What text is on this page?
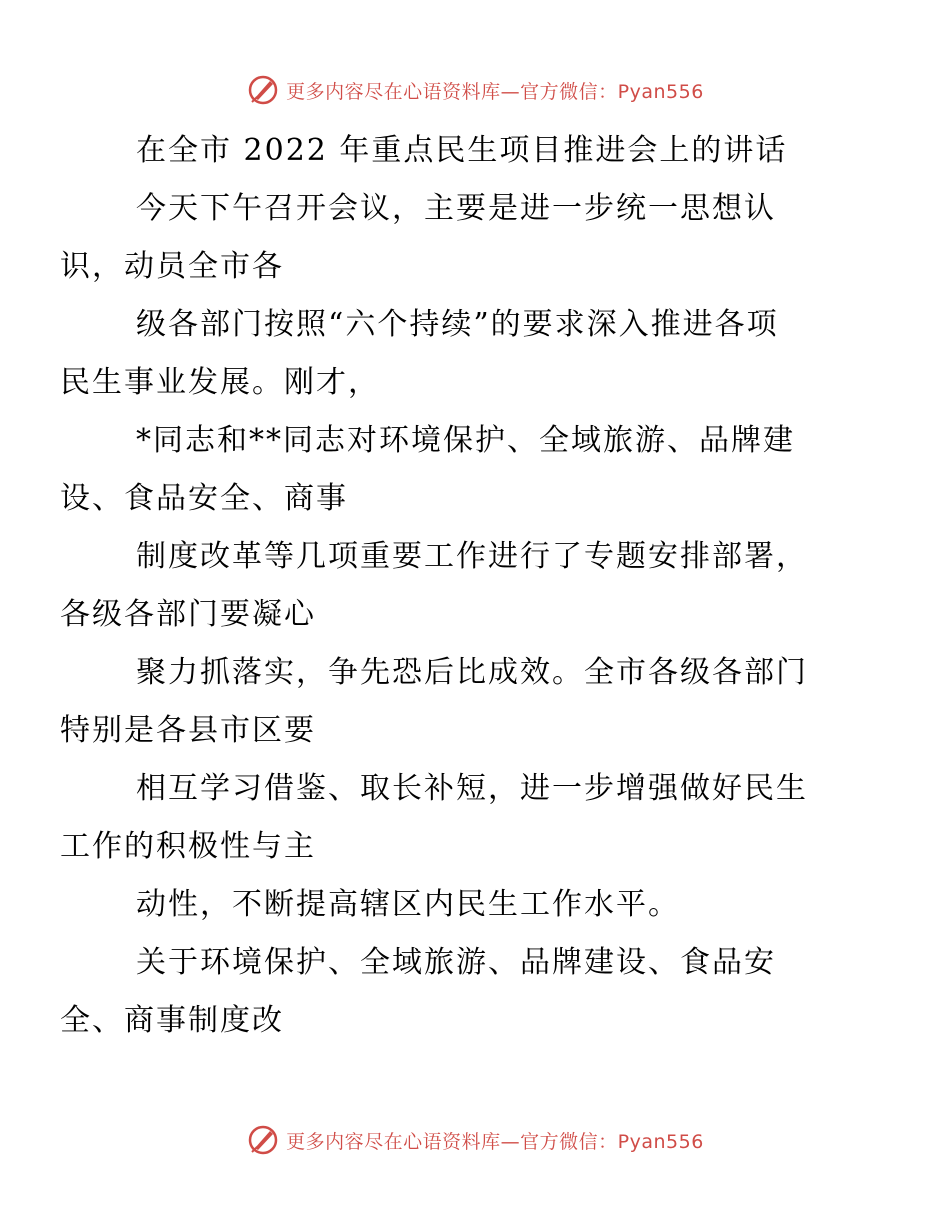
更多内容尽在心语资料库—官方微信：Pyan556

在全市 2022 年重点民生项目推进会上的讲话

今天下午召开会议，主要是进一步统一思想认
识，动员全市各

级各部门按照“六个持续”的要求深入推进各项
民生事业发展。刚才，

*同志和**同志对环境保护、全域旅游、品牌建
设、食品安全、商事

制度改革等几项重要工作进行了专题安排部署，
各级各部门要凝心

聚力抓落实，争先恐后比成效。全市各级各部门
特别是各县市区要

相互学习借鉴、取长补短，进一步增强做好民生
工作的积极性与主

动性，不断提高辖区内民生工作水平。

关于环境保护、全域旅游、品牌建设、食品安
全、商事制度改

更多内容尽在心语资料库—官方微信：Pyan556
